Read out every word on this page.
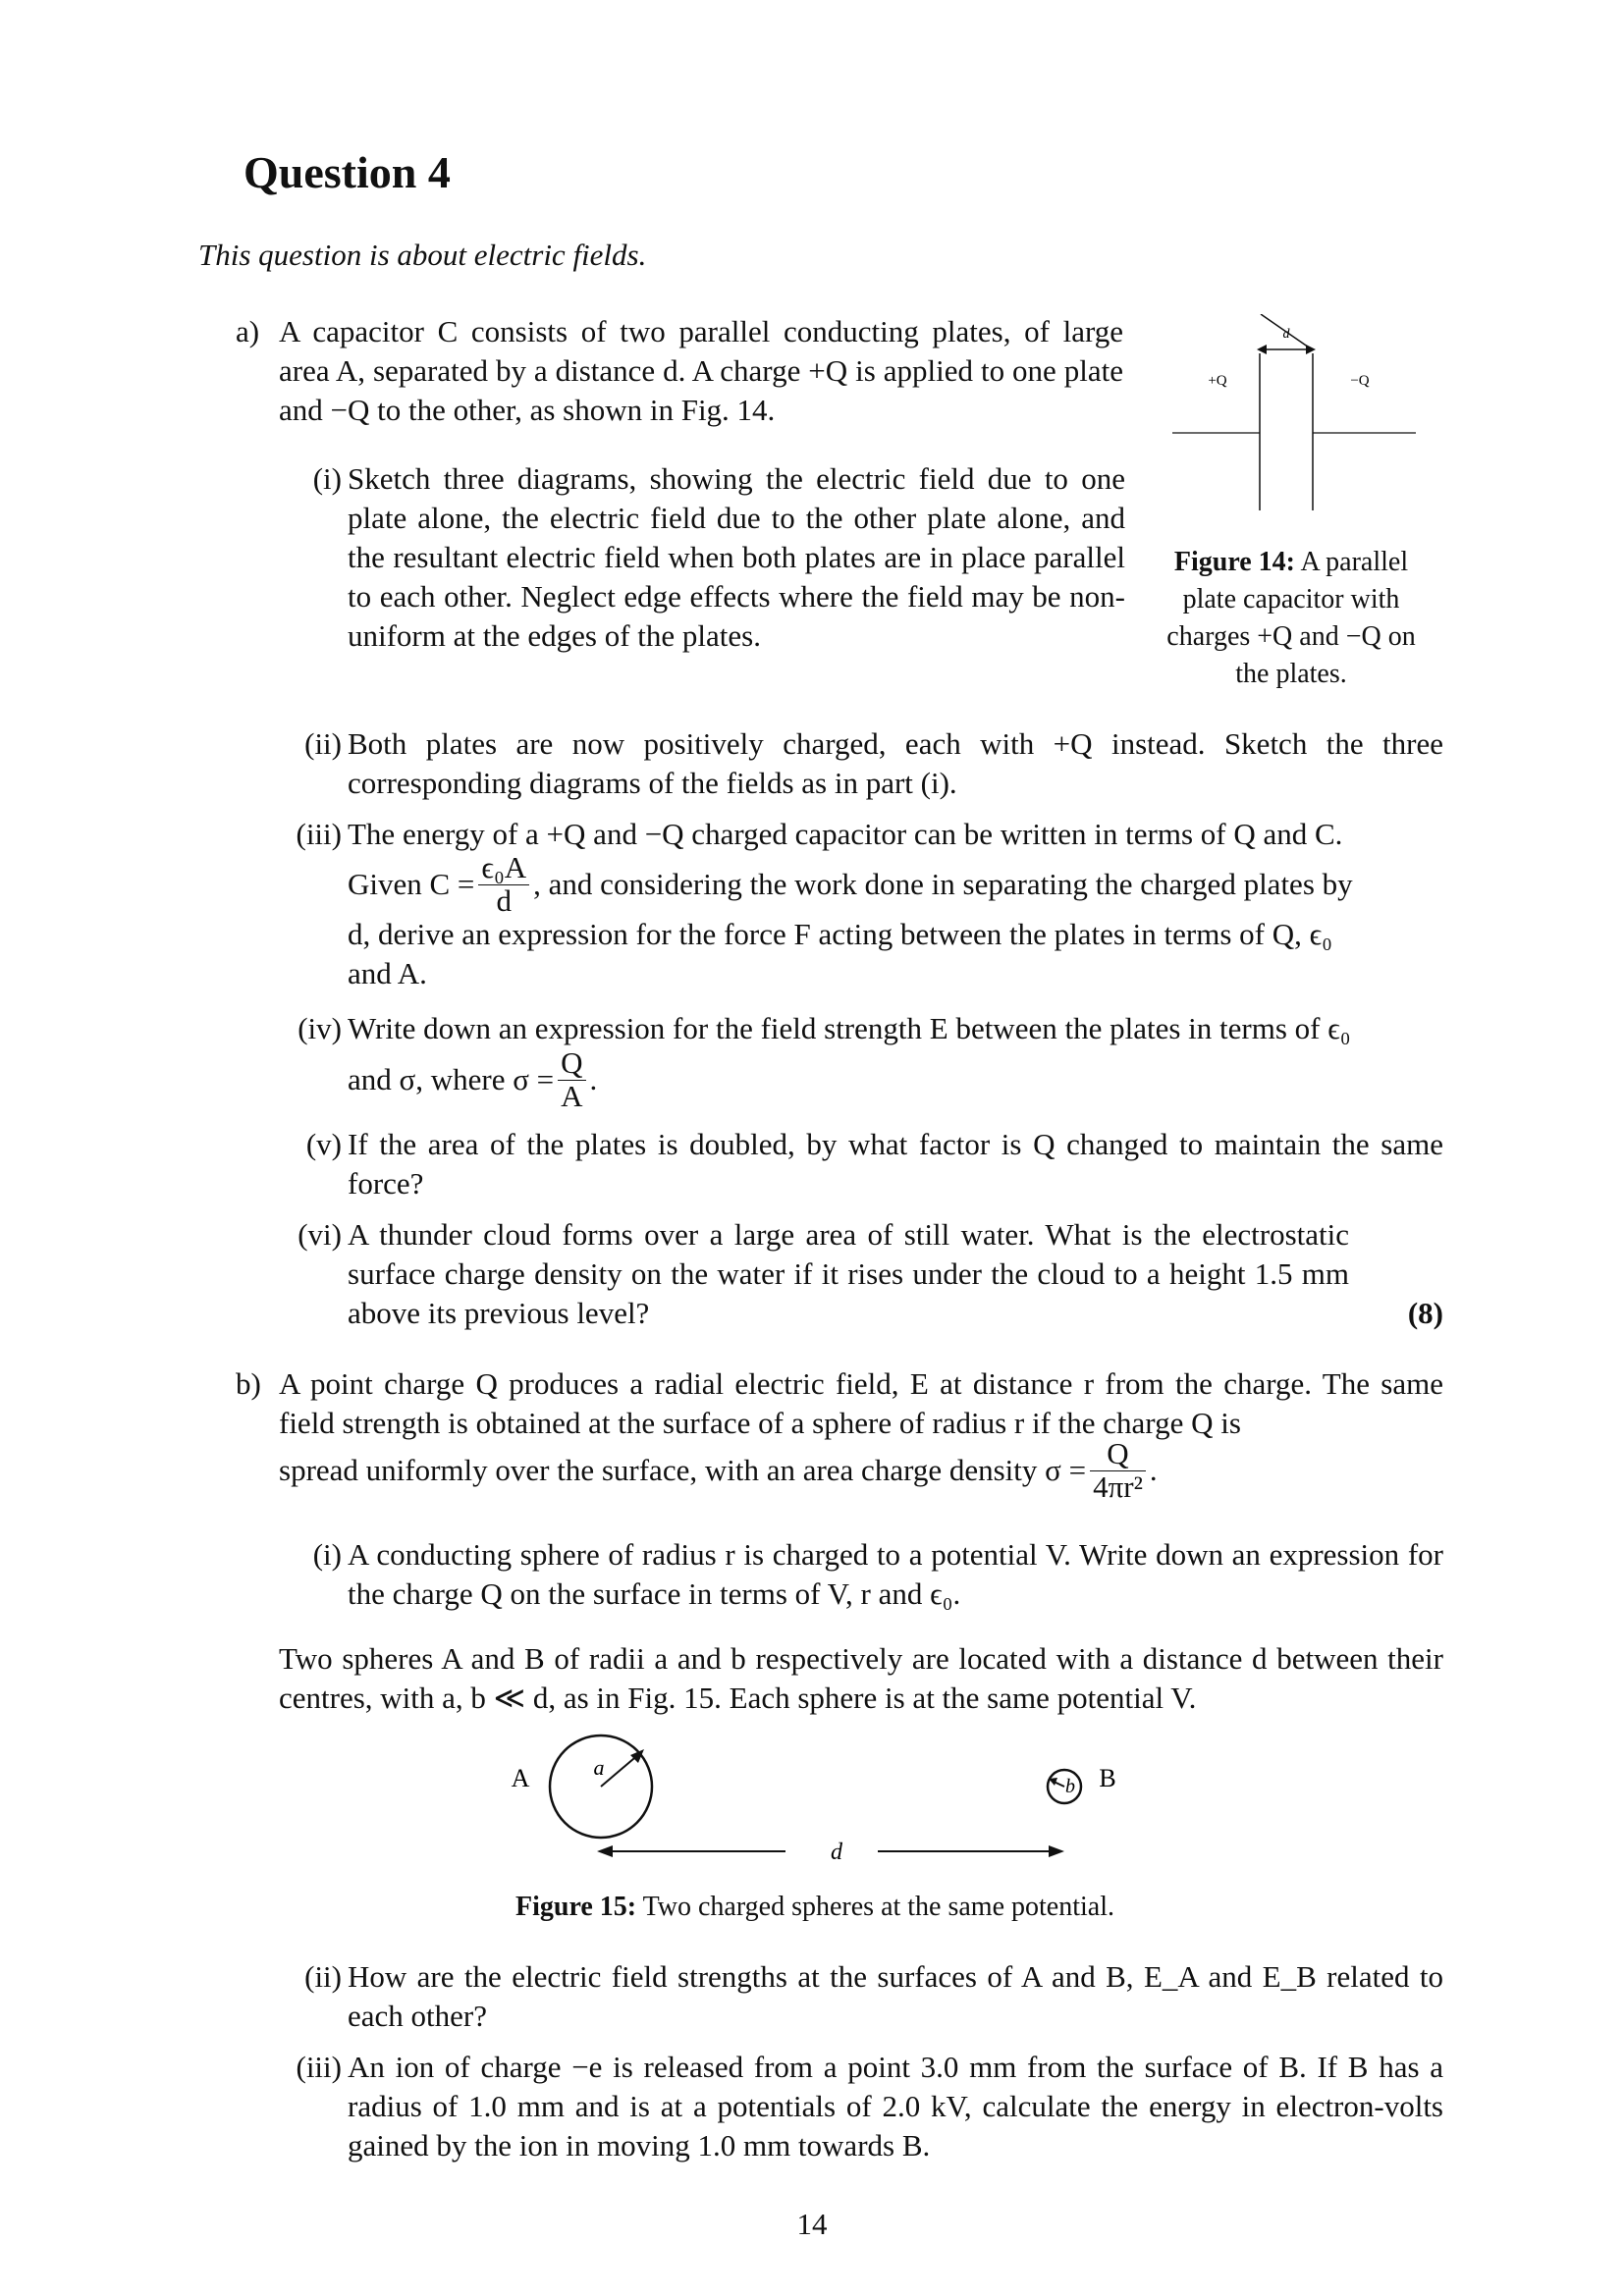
Question 4
This question is about electric fields.
a) A capacitor C consists of two parallel conducting plates, of large area A, separated by a distance d. A charge +Q is applied to one plate and −Q to the other, as shown in Fig. 14.
(i) Sketch three diagrams, showing the electric field due to one plate alone, the electric field due to the other plate alone, and the resultant electric field when both plates are in place parallel to each other. Neglect edge effects where the field may be non-uniform at the edges of the plates.
d
+Q	−Q
Figure 14: A parallel plate capacitor with charges +Q and −Q on the plates.
(ii) Both plates are now positively charged, each with +Q instead. Sketch the three corresponding diagrams of the fields as in part (i).
(iii) The energy of a +Q and −Q charged capacitor can be written in terms of Q and C.
Given $C = \frac{\text{ϵ₀A}}{d}$ , and considering the work done in separating the charged plates by
d, derive an expression for the force F acting between the plates in terms of Q, ϵ₀
and A.
(iv) Write down an expression for the field strength E between the plates in terms of ϵ₀
and σ, where $\sigma = \frac{Q}{A}$ .
(v) If the area of the plates is doubled, by what factor is Q changed to maintain the same force?
(vi) A thunder cloud forms over a large area of still water. What is the electrostatic surface charge density on the water if it rises under the cloud to a height 1.5 mm above its previous level?	(8)
b) A point charge Q produces a radial electric field, E at distance r from the charge. The same field strength is obtained at the surface of a sphere of radius r if the charge Q is
spread uniformly over the surface, with an area charge density $\sigma = \frac{Q}{\text{4πr²}}$ .
(i) A conducting sphere of radius r is charged to a potential V. Write down an expression for the charge Q on the surface in terms of V, r and ϵ₀.
Two spheres A and B of radii a and b respectively are located with a distance d between their centres, with a, b ≪ d, as in Fig. 15. Each sphere is at the same potential V.
A	a
b B
d
Figure 15: Two charged spheres at the same potential.
(ii) How are the electric field strengths at the surfaces of A and B, E_A and E_B related to each other?
(iii) An ion of charge −e is released from a point 3.0 mm from the surface of B. If B has a radius of 1.0 mm and is at a potentials of 2.0 kV, calculate the energy in electron-volts gained by the ion in moving 1.0 mm towards B.
14
